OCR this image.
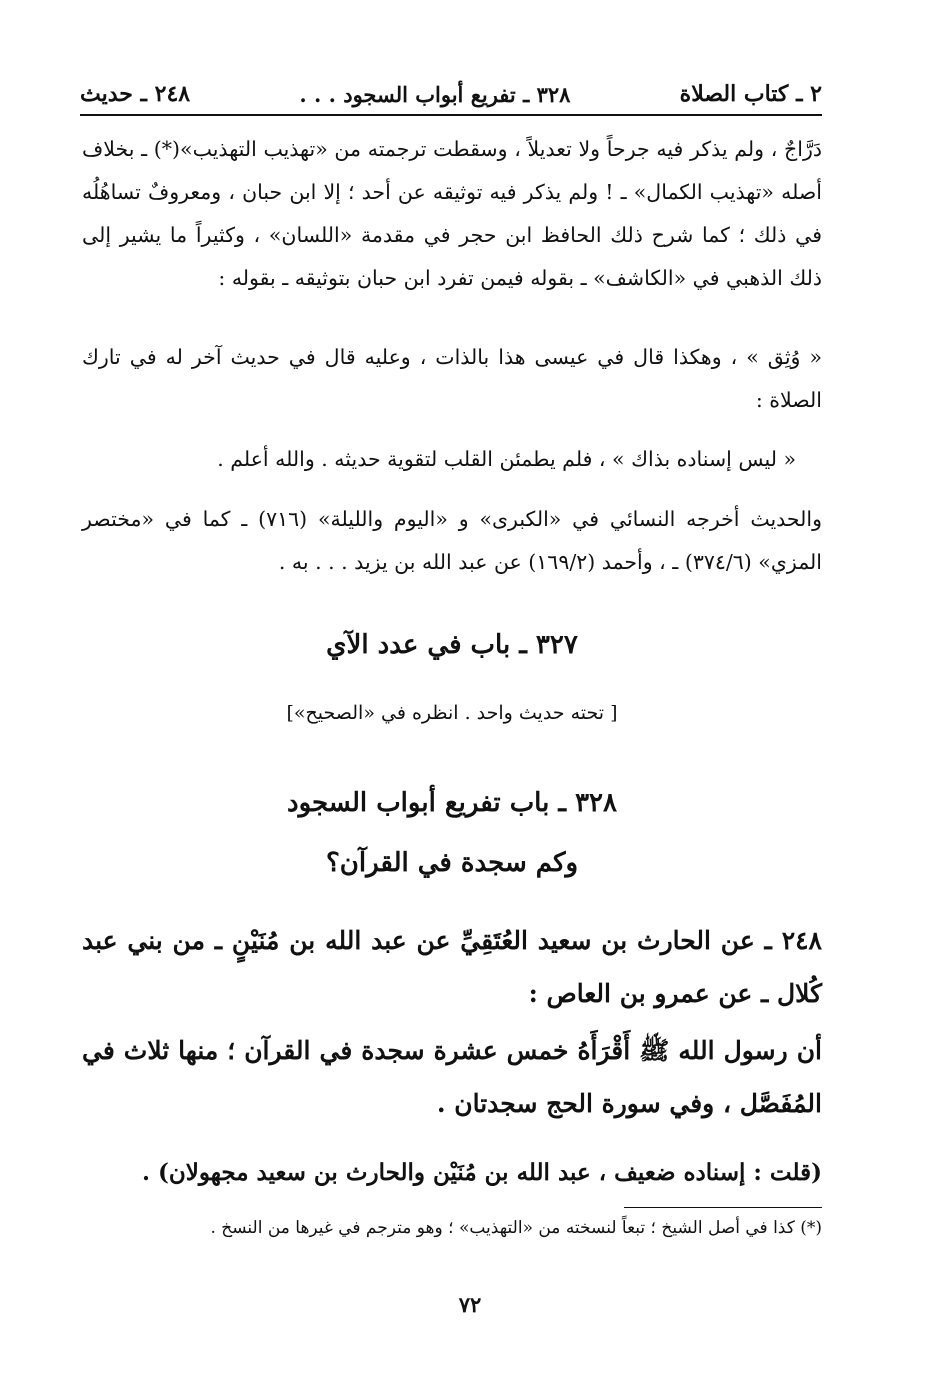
٢ ـ كتاب الصلاة
٣٢٨ ـ تفريع أبواب السجود . . .
٢٤٨ ـ حديث

دَرَّاجٌ ، ولم يذكر فيه جرحاً ولا تعديلاً ، وسقطت ترجمته من «تهذيب التهذيب»(*) ـ بخلاف أصله «تهذيب الكمال» ـ ! ولم يذكر فيه توثيقه عن أحد ؛ إلا ابن حبان ، ومعروفٌ تساهُلُه في ذلك ؛ كما شرح ذلك الحافظ ابن حجر في مقدمة «اللسان» ، وكثيراً ما يشير إلى ذلك الذهبي في «الكاشف» ـ بقوله فيمن تفرد ابن حبان بتوثيقه ـ بقوله :

« وُثِق » ، وهكذا قال في عيسى هذا بالذات ، وعليه قال في حديث آخر له في تارك الصلاة :

« ليس إسناده بذاك » ، فلم يطمئن القلب لتقوية حديثه . والله أعلم .

والحديث أخرجه النسائي في «الكبرى» و «اليوم والليلة» (٧١٦) ـ كما في «مختصر المزي» (٣٧٤/٦) ـ ، وأحمد (١٦٩/٢) عن عبد الله بن يزيد . . . به .

٣٢٧ ـ باب في عدد الآي
[ تحته حديث واحد . انظره في «الصحيح»]
٣٢٨ ـ باب تفريع أبواب السجود
وكم سجدة في القرآن؟

٢٤٨ ـ عن الحارث بن سعيد العُتَقِيِّ عن عبد الله بن مُنَيْنٍ ـ من بني عبد كُلال ـ عن عمرو بن العاص :

أن رسول الله ﷺ أَقْرَأَهُ خمس عشرة سجدة في القرآن ؛ منها ثلاث في المُفَصَّل ، وفي سورة الحج سجدتان .

(قلت : إسناده ضعيف ، عبد الله بن مُنَيْن والحارث بن سعيد مجهولان) .

(*) كذا في أصل الشيخ ؛ تبعاً لنسخته من «التهذيب» ؛ وهو مترجم في غيرها من النسخ .
٧٢
